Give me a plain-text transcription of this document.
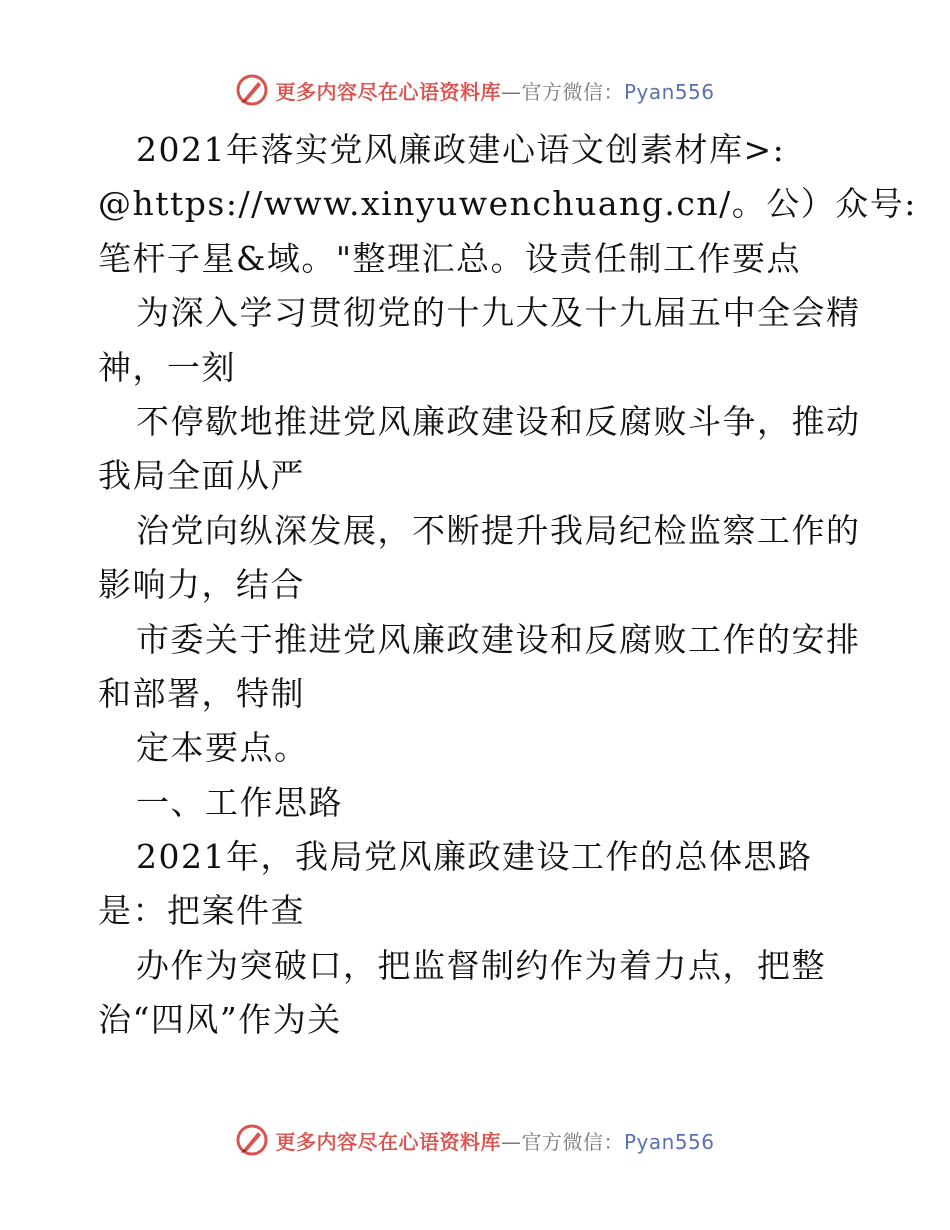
更多内容尽在心语资料库—官方微信：Pyan556
2021年落实党风廉政建心语文创素材库>:
@https://www.xinyuwenchuang.cn/。公）众号:
笔杆子星&域。"整理汇总。设责任制工作要点
为深入学习贯彻党的十九大及十九届五中全会精
神，一刻
不停歇地推进党风廉政建设和反腐败斗争，推动
我局全面从严
治党向纵深发展，不断提升我局纪检监察工作的
影响力，结合
市委关于推进党风廉政建设和反腐败工作的安排
和部署，特制
定本要点。
一、工作思路
2021年，我局党风廉政建设工作的总体思路
是：把案件查
办作为突破口，把监督制约作为着力点，把整
治“四风”作为关
更多内容尽在心语资料库—官方微信：Pyan556
